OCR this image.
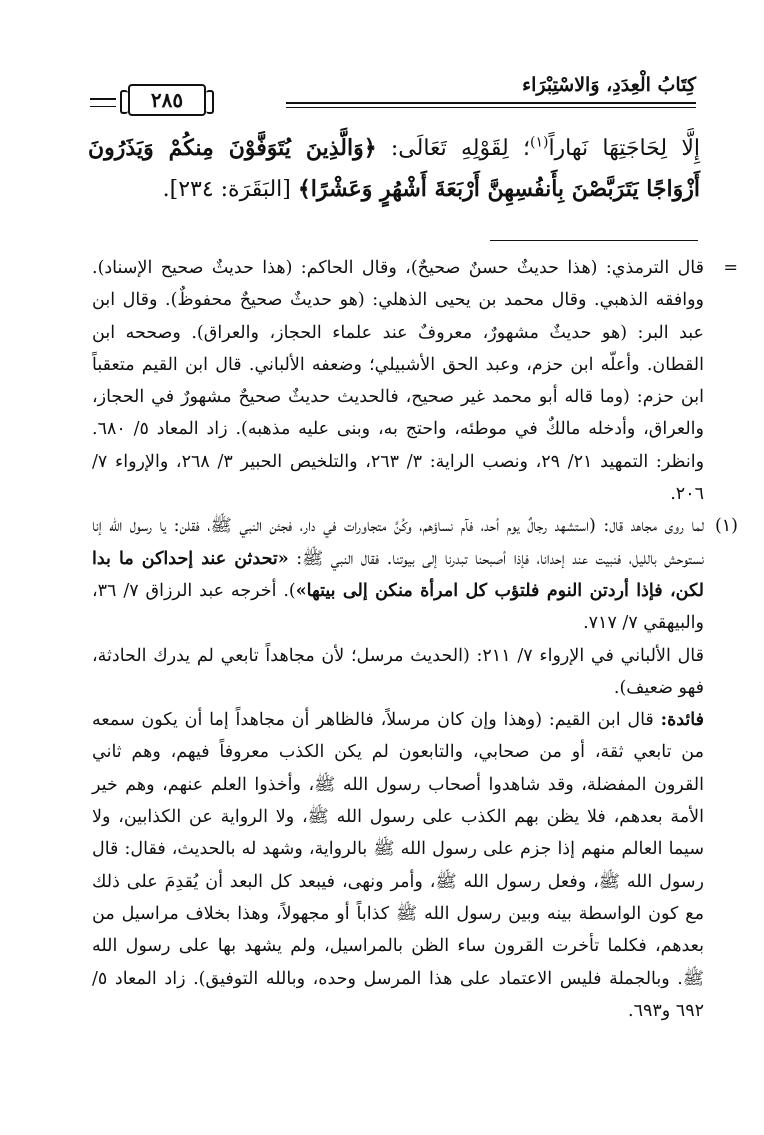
كِتَابُ الْعِدَدِ، وَالاسْتِبْرَاء
٢٨٥
إِلَّا لِحَاجَتِهَا نَهاراً$^{(١)}$؛ لِقَوْلِهِ تَعَالَى: ﴿وَالَّذِينَ يُتَوَفَّوْنَ مِنكُمْ وَيَذَرُونَ أَزْوَاجًا يَتَرَبَّصْنَ بِأَنفُسِهِنَّ أَرْبَعَةَ أَشْهُرٍ وَعَشْرًا﴾ [البَقَرَة: ٢٣٤].
=

قال الترمذي: (هذا حديثٌ حسنٌ صحيحٌ)، وقال الحاكم: (هذا حديثٌ صحيح الإسناد). ووافقه الذهبي. وقال محمد بن يحيى الذهلي: (هو حديثٌ صحيحٌ محفوظٌ). وقال ابن عبد البر: (هو حديثٌ مشهورٌ، معروفٌ عند علماء الحجاز، والعراق). وصححه ابن القطان. وأعلّه ابن حزم، وعبد الحق الأشبيلي؛ وضعفه الألباني. قال ابن القيم متعقباً ابن حزم: (وما قاله أبو محمد غير صحيح، فالحديث حديثٌ صحيحٌ مشهورٌ في الحجاز، والعراق، وأدخله مالكٌ في موطئه، واحتج به، وبنى عليه مذهبه). زاد المعاد ٥/ ٦٨٠. وانظر: التمهيد ٢١/ ٢٩، ونصب الراية: ٣/ ٢٦٣، والتلخيص الحبير ٣/ ٢٦٨، والإرواء ٧/ ٢٠٦.

(١)

لما روى مجاهد قال: (استشهد رجالٌ يوم أحد، فآم نساؤهم، وكُنَّ متجاورات في دار، فجئن النبي ﷺ، فقلن: يا رسول الله إنا نستوحش بالليل، فنبيت عند إحدانا، فإذا أصبحنا تبدرنا إلى بيوتنا. فقال النبي ﷺ: «تحدثن عند إحداكن ما بدا لكن، فإذا أردتن النوم فلتؤب كل امرأة منكن إلى بيتها»). أخرجه عبد الرزاق ٧/ ٣٦، والبيهقي ٧/ ٧١٧.

قال الألباني في الإرواء ٧/ ٢١١: (الحديث مرسل؛ لأن مجاهداً تابعي لم يدرك الحادثة، فهو ضعيف).

فائدة: قال ابن القيم: (وهذا وإن كان مرسلاً، فالظاهر أن مجاهداً إما أن يكون سمعه من تابعي ثقة، أو من صحابي، والتابعون لم يكن الكذب معروفاً فيهم، وهم ثاني القرون المفضلة، وقد شاهدوا أصحاب رسول الله ﷺ، وأخذوا العلم عنهم، وهم خير الأمة بعدهم، فلا يظن بهم الكذب على رسول الله ﷺ، ولا الرواية عن الكذابين، ولا سيما العالم منهم إذا جزم على رسول الله ﷺ بالرواية، وشهد له بالحديث، فقال: قال رسول الله ﷺ، وفعل رسول الله ﷺ، وأمر ونهى، فيبعد كل البعد أن يُقدِمَ على ذلك مع كون الواسطة بينه وبين رسول الله ﷺ كذاباً أو مجهولاً، وهذا بخلاف مراسيل من بعدهم، فكلما تأخرت القرون ساء الظن بالمراسيل، ولم يشهد بها على رسول الله ﷺ. وبالجملة فليس الاعتماد على هذا المرسل وحده، وبالله التوفيق). زاد المعاد ٥/ ٦٩٢ و٦٩٣.
